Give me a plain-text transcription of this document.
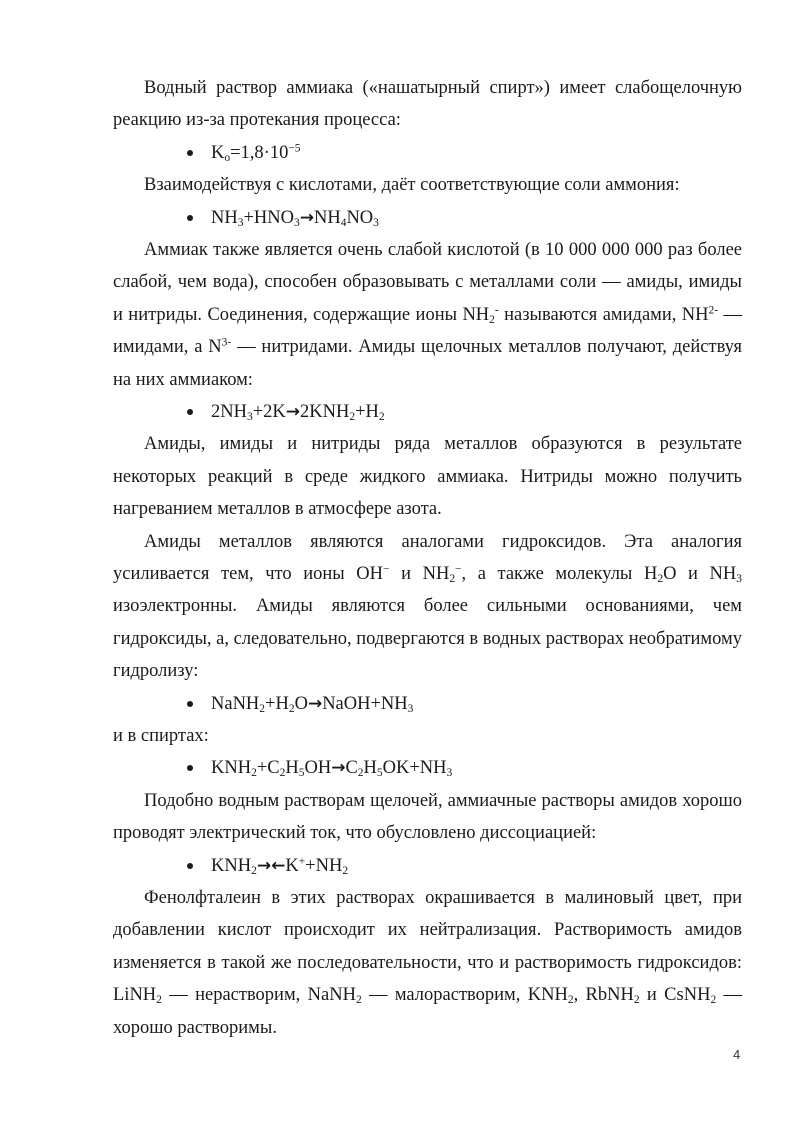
Водный раствор аммиака («нашатырный спирт») имеет слабощелочную реакцию из-за протекания процесса:

$K_o=1,8\cdot 10^{-5}$

Взаимодействуя с кислотами, даёт соответствующие соли аммония:

$NH_3+HNO_3\to NH_4NO_3$

Аммиак также является очень слабой кислотой (в 10 000 000 000 раз более слабой, чем вода), способен образовывать с металлами соли — амиды, имиды и нитриды. Соединения, содержащие ионы $NH_2^-$ называются амидами, $NH^{2-}$ — имидами, а $N^{3-}$ — нитридами. Амиды щелочных металлов получают, действуя на них аммиаком:

$2NH_3+2K\to 2KNH_2+H_2$

Амиды, имиды и нитриды ряда металлов образуются в результате некоторых реакций в среде жидкого аммиака. Нитриды можно получить нагреванием металлов в атмосфере азота.

Амиды металлов являются аналогами гидроксидов. Эта аналогия усиливается тем, что ионы OH− и $NH_2^-$, а также молекулы $H_2O$ и $NH_3$ изоэлектронны. Амиды являются более сильными основаниями, чем гидроксиды, а, следовательно, подвергаются в водных растворах необратимому гидролизу:

$NaNH_2+H_2O\to NaOH+NH_3$

и в спиртах:

$KNH_2+C_2H_5OH\to C_2H_5OK+NH_3$

Подобно водным растворам щелочей, аммиачные растворы амидов хорошо проводят электрический ток, что обусловлено диссоциацией:

$KNH_2\to\leftarrow K^++NH_2$

Фенолфталеин в этих растворах окрашивается в малиновый цвет, при добавлении кислот происходит их нейтрализация. Растворимость амидов изменяется в такой же последовательности, что и растворимость гидроксидов: LiNH$_2$ — нерастворим, NaNH$_2$ — малорастворим, $KNH_2$, RbNH$_2$ и CsNH$_2$ — хорошо растворимы.

4
